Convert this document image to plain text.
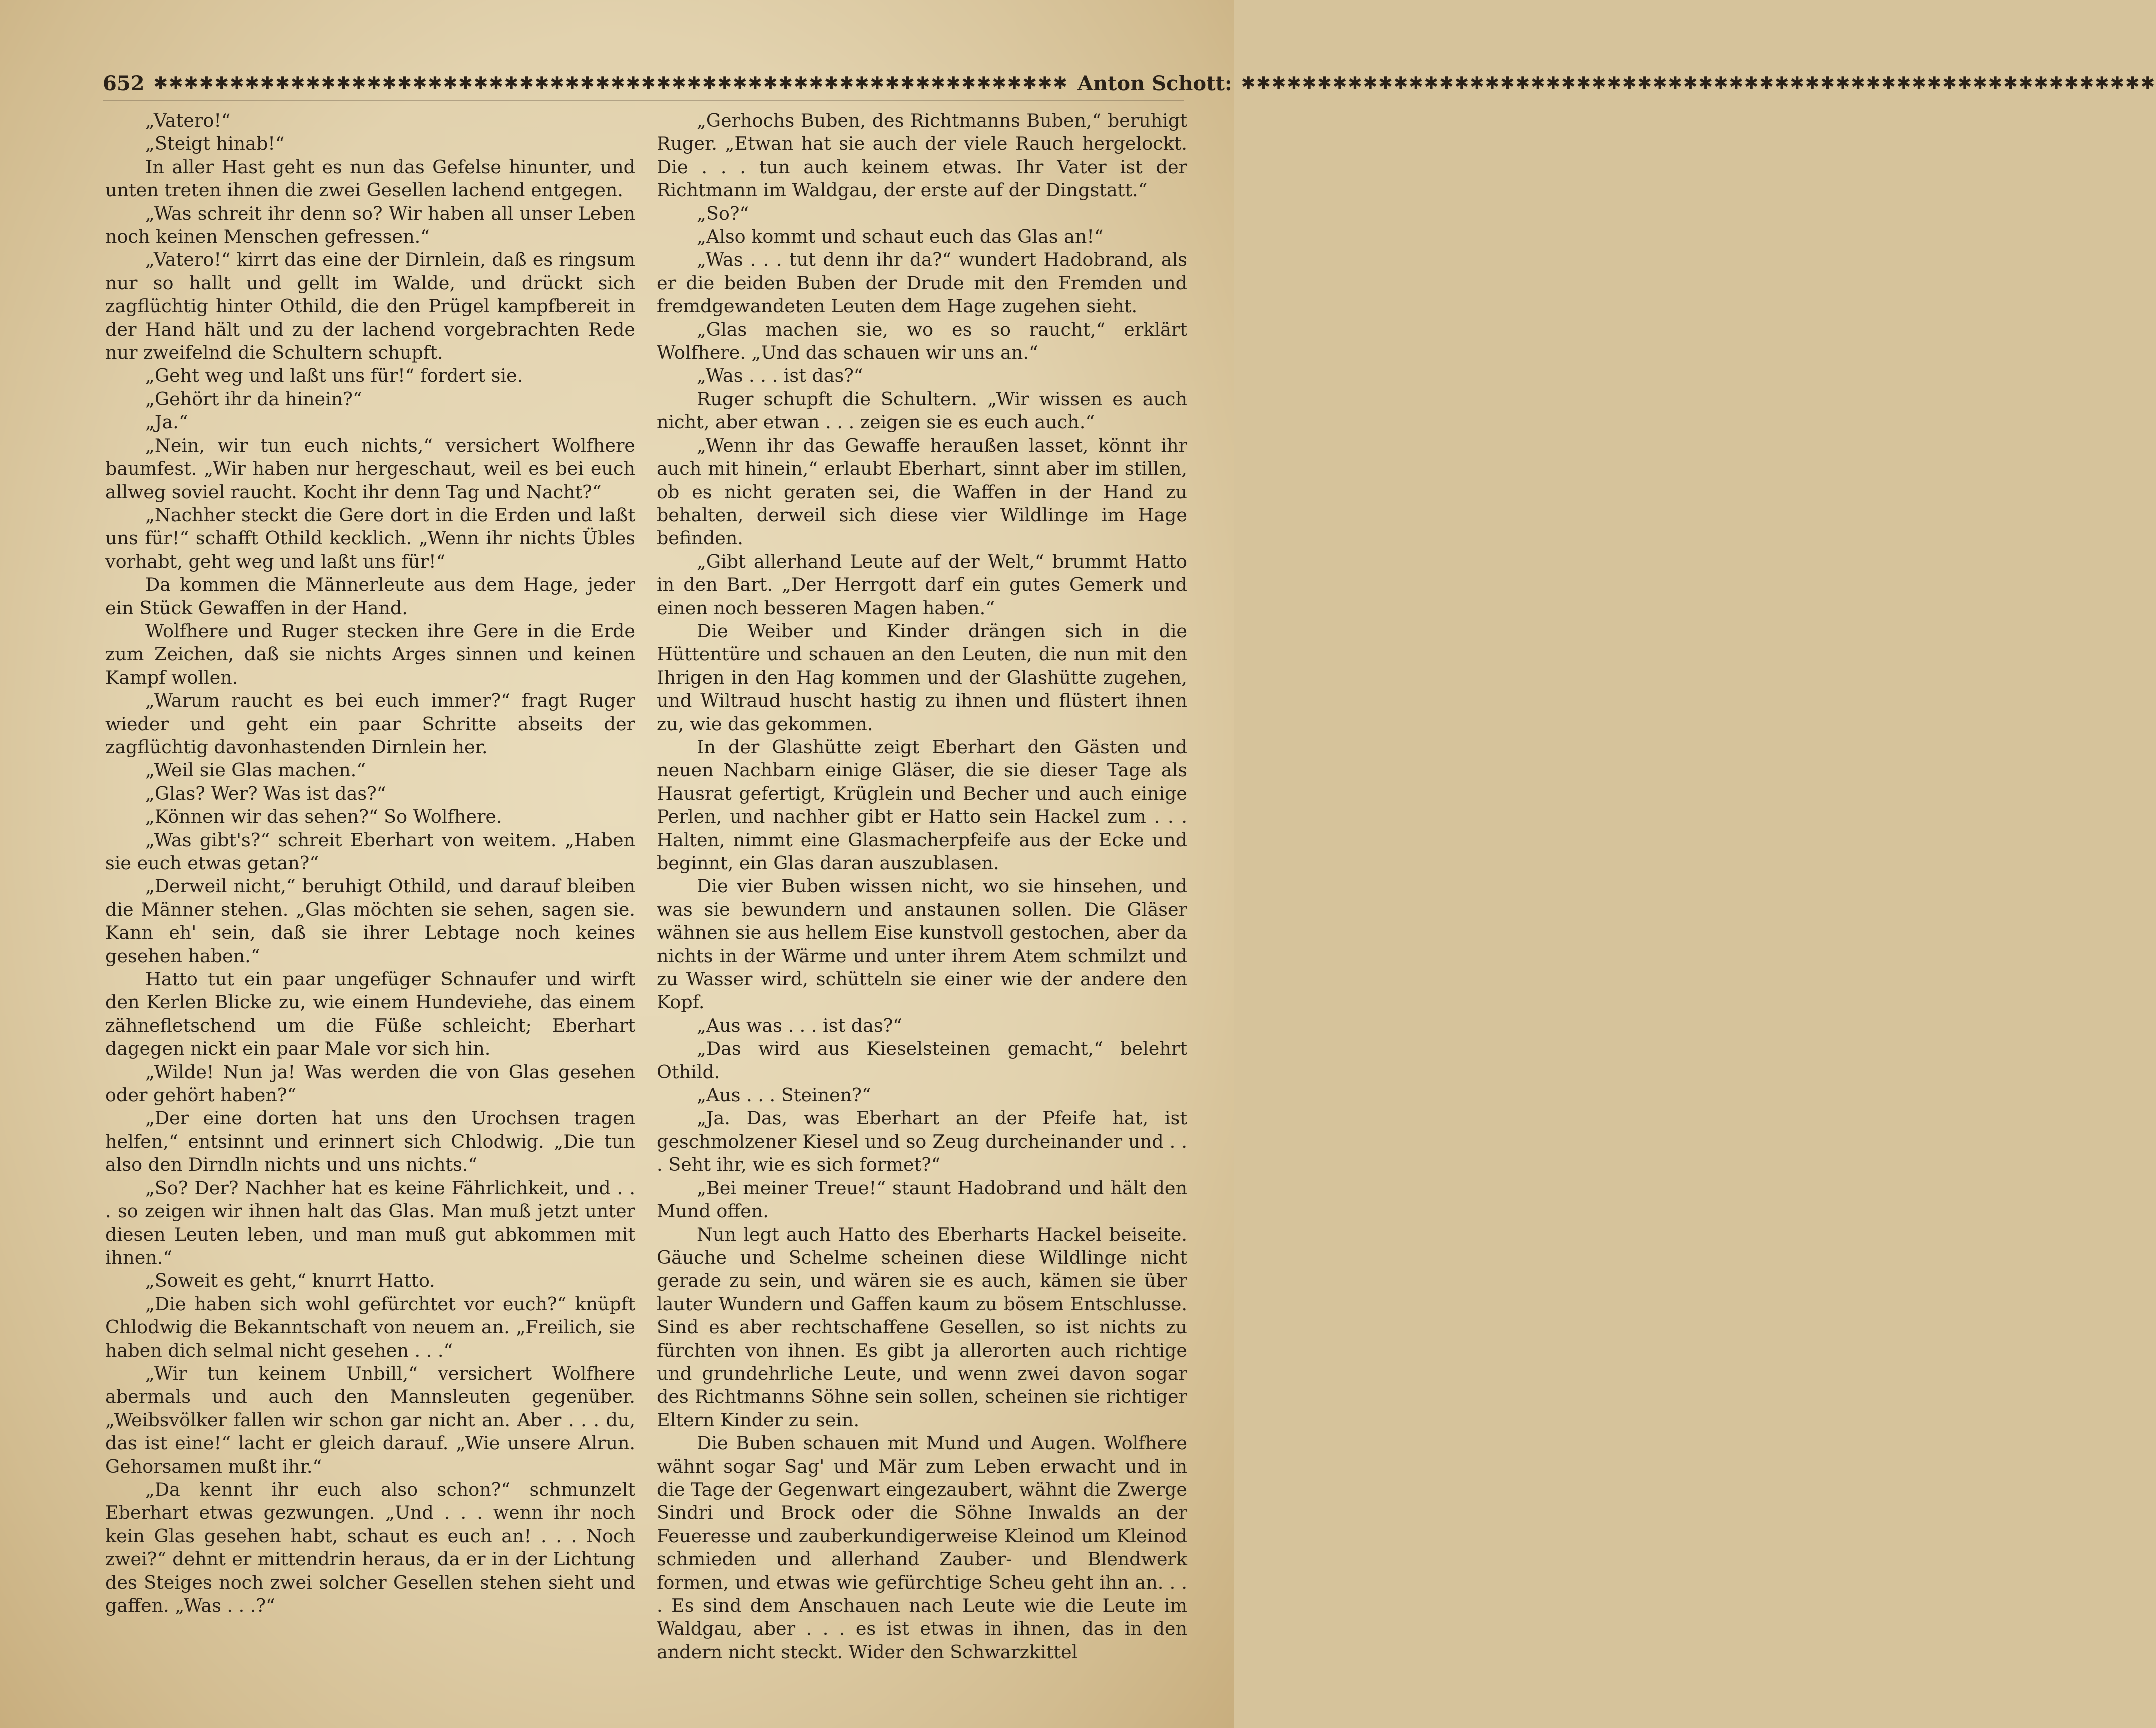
652 ✱✱✱✱✱✱✱✱✱✱✱✱✱✱✱✱✱✱✱✱✱✱✱✱✱✱✱✱✱✱✱✱✱✱✱✱✱✱✱✱✱✱✱✱✱✱✱✱✱✱✱✱✱✱✱✱✱✱✱✱ Anton Schott: ✱✱✱✱✱✱✱✱✱✱✱✱✱✱✱✱✱✱✱✱✱✱✱✱✱✱✱✱✱✱✱✱✱✱✱✱✱✱✱✱✱✱✱✱✱✱✱✱✱✱✱✱✱✱✱✱✱✱✱✱

„Vatero!“

„Steigt hinab!“

In aller Hast geht es nun das Gefelse hinunter, und unten treten ihnen die zwei Gesellen lachend entgegen.

„Was schreit ihr denn so? Wir haben all unser Leben noch keinen Menschen gefressen.“

„Vatero!“ kirrt das eine der Dirnlein, daß es ringsum nur so hallt und gellt im Walde, und drückt sich zagflüchtig hinter Othild, die den Prügel kampfbereit in der Hand hält und zu der lachend vorgebrachten Rede nur zweifelnd die Schultern schupft.

„Geht weg und laßt uns für!“ fordert sie.

„Gehört ihr da hinein?“

„Ja.“

„Nein, wir tun euch nichts,“ versichert Wolfhere baumfest. „Wir haben nur hergeschaut, weil es bei euch allweg soviel raucht. Kocht ihr denn Tag und Nacht?“

„Nachher steckt die Gere dort in die Erden und laßt uns für!“ schafft Othild kecklich. „Wenn ihr nichts Übles vorhabt, geht weg und laßt uns für!“

Da kommen die Männerleute aus dem Hage, jeder ein Stück Gewaffen in der Hand.

Wolfhere und Ruger stecken ihre Gere in die Erde zum Zeichen, daß sie nichts Arges sinnen und keinen Kampf wollen.

„Warum raucht es bei euch immer?“ fragt Ruger wieder und geht ein paar Schritte abseits der zagflüchtig davonhastenden Dirnlein her.

„Weil sie Glas machen.“

„Glas? Wer? Was ist das?“

„Können wir das sehen?“ So Wolfhere.

„Was gibt's?“ schreit Eberhart von weitem. „Haben sie euch etwas getan?“

„Derweil nicht,“ beruhigt Othild, und darauf bleiben die Männer stehen. „Glas möchten sie sehen, sagen sie. Kann eh' sein, daß sie ihrer Lebtage noch keines gesehen haben.“

Hatto tut ein paar ungefüger Schnaufer und wirft den Kerlen Blicke zu, wie einem Hundeviehe, das einem zähnefletschend um die Füße schleicht; Eberhart dagegen nickt ein paar Male vor sich hin.

„Wilde! Nun ja! Was werden die von Glas gesehen oder gehört haben?“

„Der eine dorten hat uns den Urochsen tragen helfen,“ entsinnt und erinnert sich Chlodwig. „Die tun also den Dirndln nichts und uns nichts.“

„So? Der? Nachher hat es keine Fährlichkeit, und . . . so zeigen wir ihnen halt das Glas. Man muß jetzt unter diesen Leuten leben, und man muß gut abkommen mit ihnen.“

„Soweit es geht,“ knurrt Hatto.

„Die haben sich wohl gefürchtet vor euch?“ knüpft Chlodwig die Bekanntschaft von neuem an. „Freilich, sie haben dich selmal nicht gesehen . . .“

„Wir tun keinem Unbill,“ versichert Wolfhere abermals und auch den Mannsleuten gegenüber. „Weibsvölker fallen wir schon gar nicht an. Aber . . . du, das ist eine!“ lacht er gleich darauf. „Wie unsere Alrun. Gehorsamen mußt ihr.“

„Da kennt ihr euch also schon?“ schmunzelt Eberhart etwas gezwungen. „Und . . . wenn ihr noch kein Glas gesehen habt, schaut es euch an! . . . Noch zwei?“ dehnt er mittendrin heraus, da er in der Lichtung des Steiges noch zwei solcher Gesellen stehen sieht und gaffen. „Was . . .?“

„Gerhochs Buben, des Richtmanns Buben,“ beruhigt Ruger. „Etwan hat sie auch der viele Rauch hergelockt. Die . . . tun auch keinem etwas. Ihr Vater ist der Richtmann im Waldgau, der erste auf der Dingstatt.“

„So?“

„Also kommt und schaut euch das Glas an!“

„Was . . . tut denn ihr da?“ wundert Hadobrand, als er die beiden Buben der Drude mit den Fremden und fremdgewandeten Leuten dem Hage zugehen sieht.

„Glas machen sie, wo es so raucht,“ erklärt Wolfhere. „Und das schauen wir uns an.“

„Was . . . ist das?“

Ruger schupft die Schultern. „Wir wissen es auch nicht, aber etwan . . . zeigen sie es euch auch.“

„Wenn ihr das Gewaffe heraußen lasset, könnt ihr auch mit hinein,“ erlaubt Eberhart, sinnt aber im stillen, ob es nicht geraten sei, die Waffen in der Hand zu behalten, derweil sich diese vier Wildlinge im Hage befinden.

„Gibt allerhand Leute auf der Welt,“ brummt Hatto in den Bart. „Der Herrgott darf ein gutes Gemerk und einen noch besseren Magen haben.“

Die Weiber und Kinder drängen sich in die Hüttentüre und schauen an den Leuten, die nun mit den Ihrigen in den Hag kommen und der Glashütte zugehen, und Wiltraud huscht hastig zu ihnen und flüstert ihnen zu, wie das gekommen.

In der Glashütte zeigt Eberhart den Gästen und neuen Nachbarn einige Gläser, die sie dieser Tage als Hausrat gefertigt, Krüglein und Becher und auch einige Perlen, und nachher gibt er Hatto sein Hackel zum . . . Halten, nimmt eine Glasmacherpfeife aus der Ecke und beginnt, ein Glas daran auszublasen.

Die vier Buben wissen nicht, wo sie hinsehen, und was sie bewundern und anstaunen sollen. Die Gläser wähnen sie aus hellem Eise kunstvoll gestochen, aber da nichts in der Wärme und unter ihrem Atem schmilzt und zu Wasser wird, schütteln sie einer wie der andere den Kopf.

„Aus was . . . ist das?“

„Das wird aus Kieselsteinen gemacht,“ belehrt Othild.

„Aus . . . Steinen?“

„Ja. Das, was Eberhart an der Pfeife hat, ist geschmolzener Kiesel und so Zeug durcheinander und . . . Seht ihr, wie es sich formet?“

„Bei meiner Treue!“ staunt Hadobrand und hält den Mund offen.

Nun legt auch Hatto des Eberharts Hackel beiseite. Gäuche und Schelme scheinen diese Wildlinge nicht gerade zu sein, und wären sie es auch, kämen sie über lauter Wundern und Gaffen kaum zu bösem Entschlusse. Sind es aber rechtschaffene Gesellen, so ist nichts zu fürchten von ihnen. Es gibt ja allerorten auch richtige und grundehrliche Leute, und wenn zwei davon sogar des Richtmanns Söhne sein sollen, scheinen sie richtiger Eltern Kinder zu sein.

Die Buben schauen mit Mund und Augen. Wolfhere wähnt sogar Sag' und Mär zum Leben erwacht und in die Tage der Gegenwart eingezaubert, wähnt die Zwerge Sindri und Brock oder die Söhne Inwalds an der Feueresse und zauberkundigerweise Kleinod um Kleinod schmieden und allerhand Zauber- und Blendwerk formen, und etwas wie gefürchtige Scheu geht ihn an. . . . Es sind dem Anschauen nach Leute wie die Leute im Waldgau, aber . . . es ist etwas in ihnen, das in den andern nicht steckt. Wider den Schwarzkittel
